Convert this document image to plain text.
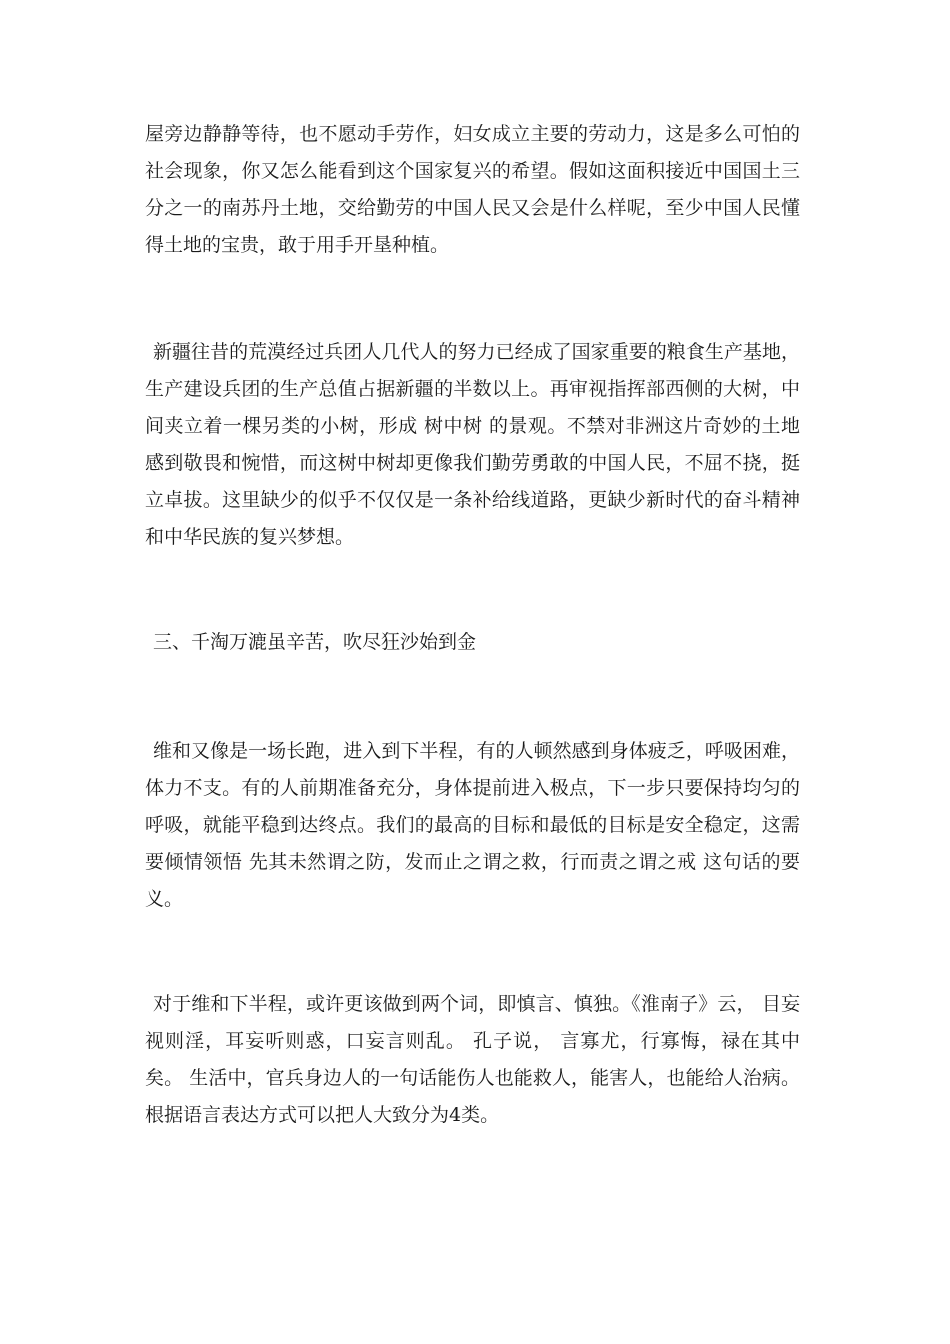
屋旁边静静等待，也不愿动手劳作，妇女成立主要的劳动力，这是多么可怕的社会现象，你又怎么能看到这个国家复兴的希望。假如这面积接近中国国土三分之一的南苏丹土地，交给勤劳的中国人民又会是什么样呢，至少中国人民懂得土地的宝贵，敢于用手开垦种植。

新疆往昔的荒漠经过兵团人几代人的努力已经成了国家重要的粮食生产基地，生产建设兵团的生产总值占据新疆的半数以上。再审视指挥部西侧的大树，中间夹立着一棵另类的小树，形成 树中树 的景观。不禁对非洲这片奇妙的土地感到敬畏和惋惜，而这树中树却更像我们勤劳勇敢的中国人民，不屈不挠，挺立卓拔。这里缺少的似乎不仅仅是一条补给线道路，更缺少新时代的奋斗精神和中华民族的复兴梦想。

三、千淘万漉虽辛苦，吹尽狂沙始到金

维和又像是一场长跑，进入到下半程，有的人顿然感到身体疲乏，呼吸困难，体力不支。有的人前期准备充分，身体提前进入极点，下一步只要保持均匀的呼吸，就能平稳到达终点。我们的最高的目标和最低的目标是安全稳定，这需要倾情领悟 先其未然谓之防，发而止之谓之救，行而责之谓之戒 这句话的要义。

对于维和下半程，或许更该做到两个词，即慎言、慎独。《淮南子》云， 目妄视则淫，耳妄听则惑，口妄言则乱。 孔子说， 言寡尤，行寡悔，禄在其中矣。 生活中，官兵身边人的一句话能伤人也能救人，能害人，也能给人治病。根据语言表达方式可以把人大致分为4类。
